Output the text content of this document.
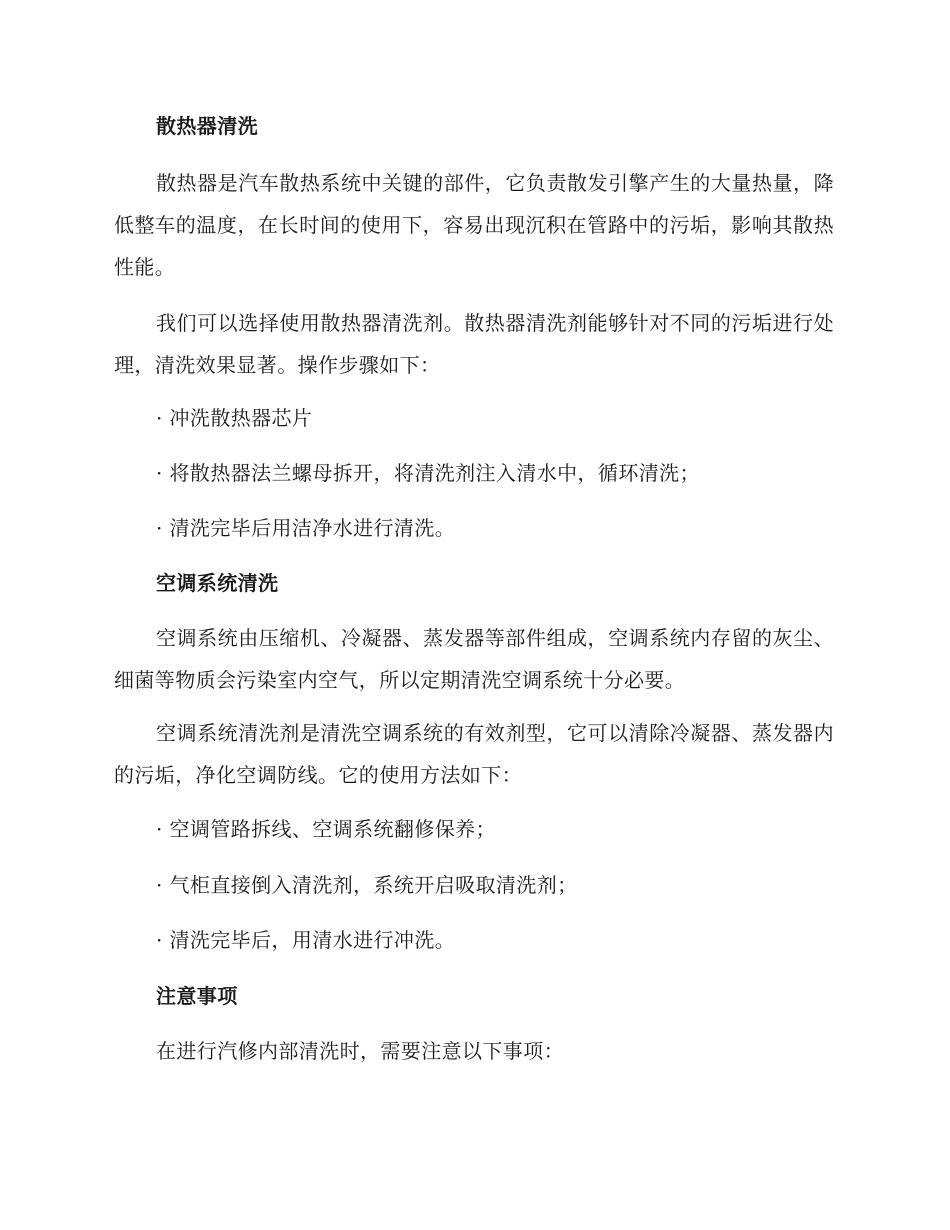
散热器清洗

散热器是汽车散热系统中关键的部件，它负责散发引擎产生的大量热量，降低整车的温度，在长时间的使用下，容易出现沉积在管路中的污垢，影响其散热性能。

我们可以选择使用散热器清洗剂。散热器清洗剂能够针对不同的污垢进行处理，清洗效果显著。操作步骤如下：

· 冲洗散热器芯片

· 将散热器法兰螺母拆开，将清洗剂注入清水中，循环清洗；

· 清洗完毕后用洁净水进行清洗。

空调系统清洗

空调系统由压缩机、冷凝器、蒸发器等部件组成，空调系统内存留的灰尘、细菌等物质会污染室内空气，所以定期清洗空调系统十分必要。

空调系统清洗剂是清洗空调系统的有效剂型，它可以清除冷凝器、蒸发器内的污垢，净化空调防线。它的使用方法如下：

· 空调管路拆线、空调系统翻修保养；

· 气柜直接倒入清洗剂，系统开启吸取清洗剂；

· 清洗完毕后，用清水进行冲洗。

注意事项

在进行汽修内部清洗时，需要注意以下事项：
